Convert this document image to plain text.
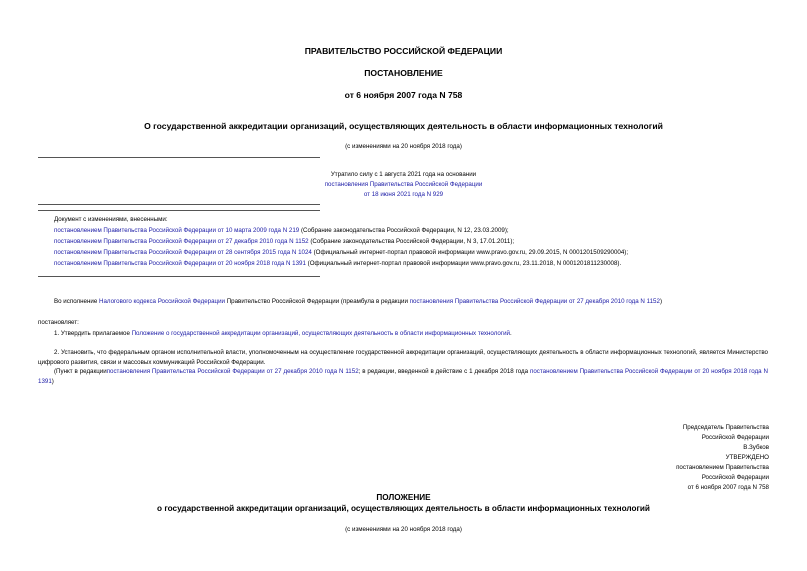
ПРАВИТЕЛЬСТВО РОССИЙСКОЙ ФЕДЕРАЦИИ
ПОСТАНОВЛЕНИЕ
от 6 ноября 2007 года N 758
О государственной аккредитации организаций, осуществляющих деятельность в области информационных технологий
(с изменениями на 20 ноября 2018 года)
Утратило силу с 1 августа 2021 года на основании
постановления Правительства Российской Федерации
от 18 июня 2021 года N 929
Документ с изменениями, внесенными:
постановлением Правительства Российской Федерации от 10 марта 2009 года N 219 (Собрание законодательства Российской Федерации, N 12, 23.03.2009);
постановлением Правительства Российской Федерации от 27 декабря 2010 года N 1152 (Собрание законодательства Российской Федерации, N 3, 17.01.2011);
постановлением Правительства Российской Федерации от 28 сентября 2015 года N 1024 (Официальный интернет-портал правовой информации www.pravo.gov.ru, 29.09.2015, N 0001201509290004);
постановлением Правительства Российской Федерации от 20 ноября 2018 года N 1391 (Официальный интернет-портал правовой информации www.pravo.gov.ru, 23.11.2018, N 0001201811230008).
Во исполнение Налогового кодекса Российской Федерации Правительство Российской Федерации (преамбула в редакции постановления Правительства Российской Федерации от 27 декабря 2010 года N 1152)
постановляет:
1. Утвердить прилагаемое Положение о государственной аккредитации организаций, осуществляющих деятельность в области информационных технологий.
2. Установить, что федеральным органом исполнительной власти, уполномоченным на осуществление государственной аккредитации организаций, осуществляющих деятельность в области информационных технологий, является Министерство цифрового развития, связи и массовых коммуникаций Российской Федерации.
(Пункт в редакциипостановления Правительства Российской Федерации от 27 декабря 2010 года N 1152; в редакции, введенной в действие с 1 декабря 2018 года постановлением Правительства Российской Федерации от 20 ноября 2018 года N 1391)
Председатель Правительства
Российской Федерации
В.Зубков
УТВЕРЖДЕНО
постановлением Правительства
Российской Федерации
от 6 ноября 2007 года N 758
ПОЛОЖЕНИЕ
о государственной аккредитации организаций, осуществляющих деятельность в области информационных технологий
(с изменениями на 20 ноября 2018 года)
